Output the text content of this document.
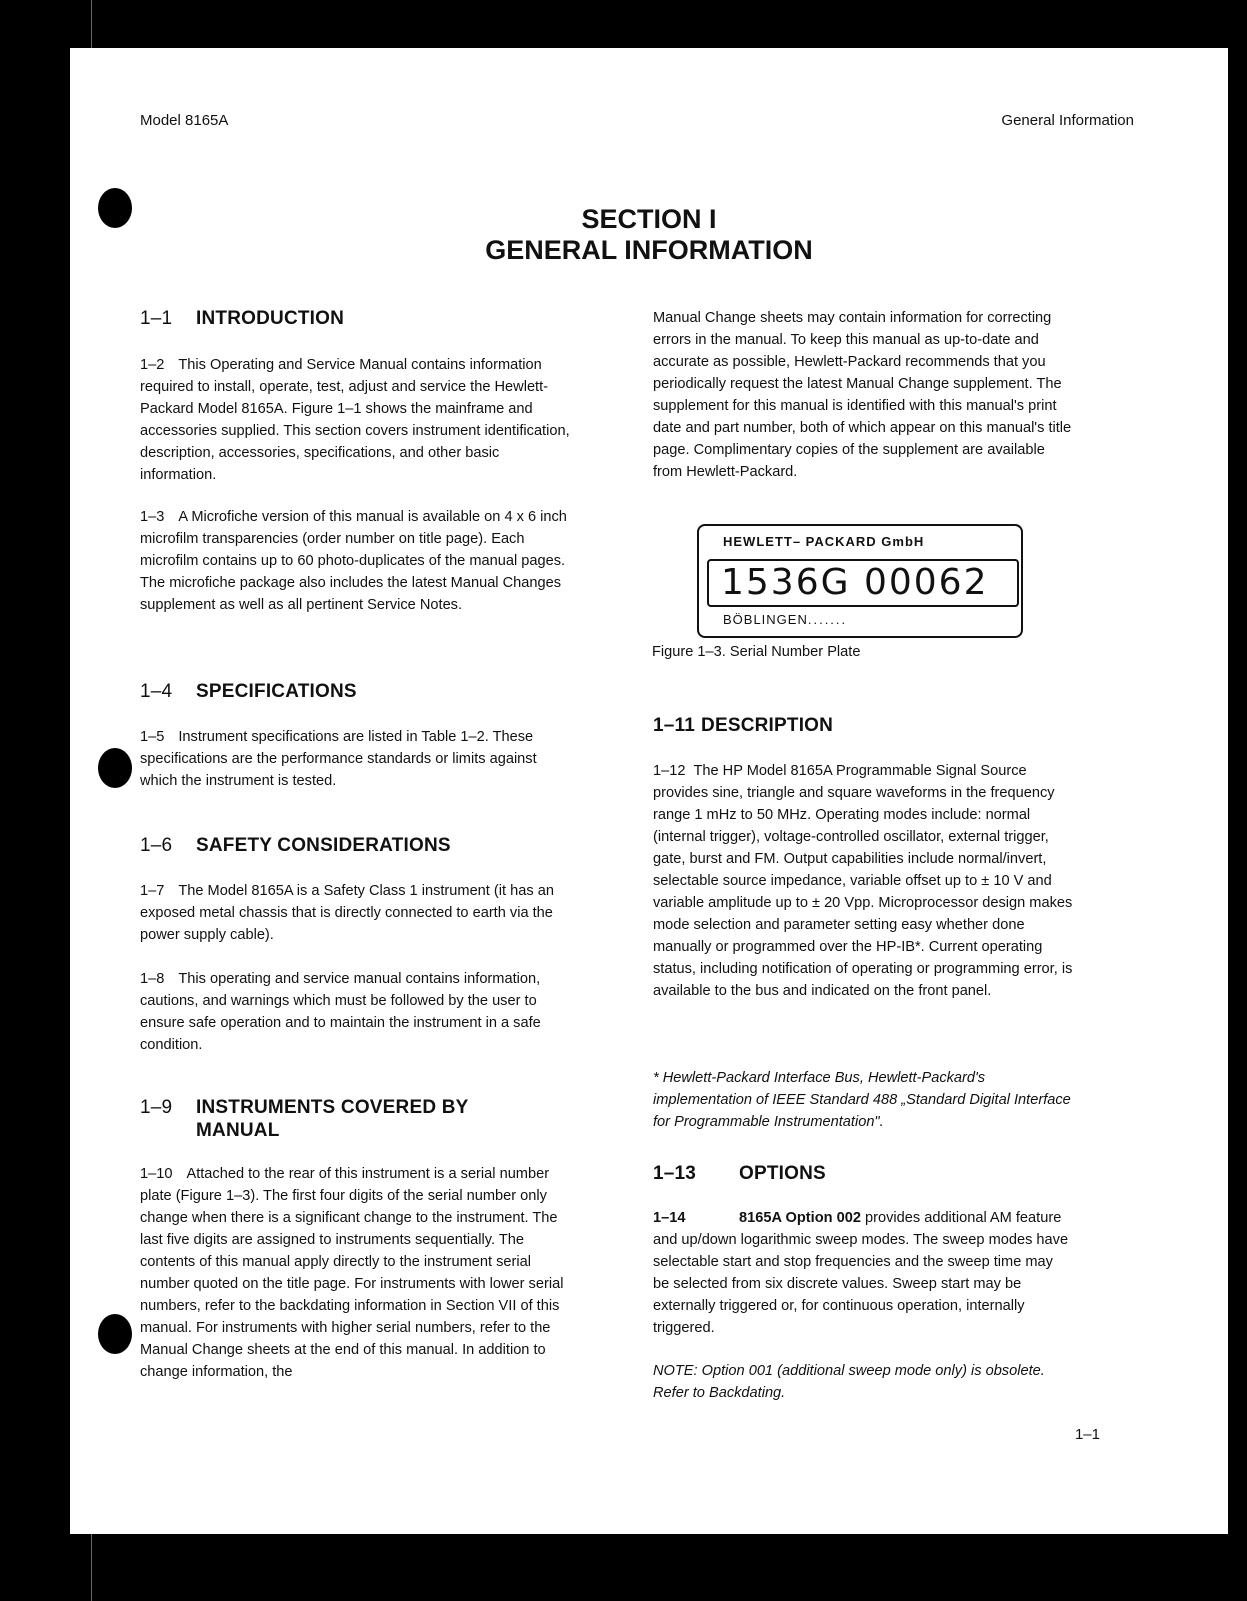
Model 8165A	General Information
SECTION I
GENERAL INFORMATION
1–1 INTRODUCTION
1–2 This Operating and Service Manual contains information required to install, operate, test, adjust and service the Hewlett-Packard Model 8165A. Figure 1–1 shows the mainframe and accessories supplied. This section covers instrument identification, description, accessories, specifications, and other basic information.
1–3 A Microfiche version of this manual is available on 4 x 6 inch microfilm transparencies (order number on title page). Each microfilm contains up to 60 photo-duplicates of the manual pages. The microfiche package also includes the latest Manual Changes supplement as well as all pertinent Service Notes.
1–4 SPECIFICATIONS
1–5 Instrument specifications are listed in Table 1–2. These specifications are the performance standards or limits against which the instrument is tested.
1–6 SAFETY CONSIDERATIONS
1–7 The Model 8165A is a Safety Class 1 instrument (it has an exposed metal chassis that is directly connected to earth via the power supply cable).
1–8 This operating and service manual contains information, cautions, and warnings which must be followed by the user to ensure safe operation and to maintain the instrument in a safe condition.
1–9 INSTRUMENTS COVERED BY MANUAL
1–10 Attached to the rear of this instrument is a serial number plate (Figure 1–3). The first four digits of the serial number only change when there is a significant change to the instrument. The last five digits are assigned to instruments sequentially. The contents of this manual apply directly to the instrument serial number quoted on the title page. For instruments with lower serial numbers, refer to the backdating information in Section VII of this manual. For instruments with higher serial numbers, refer to the Manual Change sheets at the end of this manual. In addition to change information, the
Manual Change sheets may contain information for correcting errors in the manual. To keep this manual as up-to-date and accurate as possible, Hewlett-Packard recommends that you periodically request the latest Manual Change supplement. The supplement for this manual is identified with this manual's print date and part number, both of which appear on this manual's title page. Complimentary copies of the supplement are available from Hewlett-Packard.
HEWLETT– PACKARD GmbH
1536G 00062
BÖBLINGEN.......
Figure 1–3. Serial Number Plate
1–11 DESCRIPTION
1–12 The HP Model 8165A Programmable Signal Source provides sine, triangle and square waveforms in the frequency range 1 mHz to 50 MHz. Operating modes include: normal (internal trigger), voltage-controlled oscillator, external trigger, gate, burst and FM. Output capabilities include normal/invert, selectable source impedance, variable offset up to ± 10 V and variable amplitude up to ± 20 Vpp. Microprocessor design makes mode selection and parameter setting easy whether done manually or programmed over the HP-IB*. Current operating status, including notification of operating or programming error, is available to the bus and indicated on the front panel.
* Hewlett-Packard Interface Bus, Hewlett-Packard's implementation of IEEE Standard 488 „Standard Digital Interface for Programmable Instrumentation".
1–13 OPTIONS
1–14	8165A Option 002 provides additional AM feature and up/down logarithmic sweep modes. The sweep modes have selectable start and stop frequencies and the sweep time may be selected from six discrete values. Sweep start may be externally triggered or, for continuous operation, internally triggered.
NOTE: Option 001 (additional sweep mode only) is obsolete. Refer to Backdating.
1–1
